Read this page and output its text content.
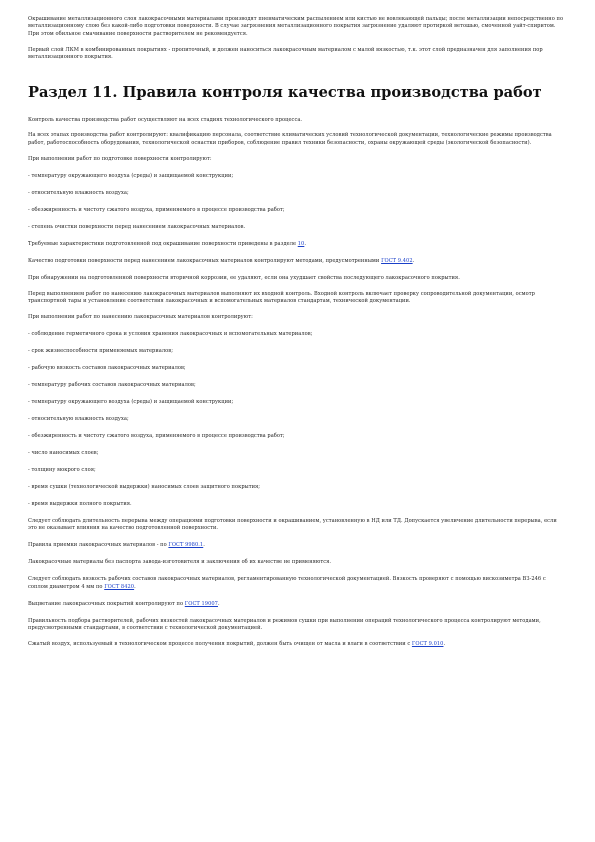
Окрашивание металлизационного слоя лакокрасочными материалами производят пневматическим распылением или кистью не вовлекающей пальцы; после металлизации непосредственно по металлизационному слою без какой-либо подготовки поверхности. В случае загрязнения металлизационного покрытия загрязнение удаляют протиркой ветошью, смоченной уайт-спиритом. При этом обильное смачивание поверхности растворителем не рекомендуется.

Первый слой ЛКМ в комбинированных покрытиях - пропиточный, и должен наноситься лакокрасочным материалом с малой вязкостью, т.к. этот слой предназначен для заполнения пор металлизационного покрытия.

Раздел 11. Правила контроля качества производства работ

Контроль качества производства работ осуществляют на всех стадиях технологического процесса.

На всех этапах производства работ контролируют: квалификацию персонала, соответствие климатических условий технологической документации, технологические режимы производства работ, работоспособность оборудования, технологической оснастки приборов, соблюдение правил техники безопасности, охраны окружающей среды (экологической безопасности).

При выполнении работ по подготовке поверхности контролируют:

- температуру окружающего воздуха (среды) и защищаемой конструкции;

- относительную влажность воздуха;

- обезжиренность и чистоту сжатого воздуха, применяемого в процессе производства работ;

- степень очистки поверхности перед нанесением лакокрасочных материалов.

Требуемые характеристики подготовленной под окрашивание поверхности приведены в разделе 10.

Качество подготовки поверхности перед нанесением лакокрасочных материалов контролируют методами, предусмотренными ГОСТ 9.402.

При обнаружении на подготовленной поверхности вторичной коррозии, ее удаляют, если она ухудшает свойства последующего лакокрасочного покрытия.

Перед выполнением работ по нанесению лакокрасочных материалов выполняют их входной контроль. Входной контроль включает проверку сопроводительной документации, осмотр транспортной тары и установление соответствия лакокрасочных и вспомогательных материалов стандартам, технической документации.

При выполнении работ по нанесению лакокрасочных материалов контролируют:

- соблюдение герметичного срока и условия хранения лакокрасочных и вспомогательных материалов;

- срок жизнеспособности применяемых материалов;

- рабочую вязкость составов лакокрасочных материалов;

- температуру рабочих составов лакокрасочных материалов;

- температуру окружающего воздуха (среды) и защищаемой конструкции;

- относительную влажность воздуха;

- обезжиренность и чистоту сжатого воздуха, применяемого в процессе производства работ;

- число наносимых слоев;

- толщину мокрого слоя;

- время сушки (технологической выдержки) наносимых слоев защитного покрытия;

- время выдержки полного покрытия.

Следует соблюдать длительность перерыва между операциями подготовки поверхности и окрашиванием, установленную в НД или ТД. Допускается увеличение длительности перерыва, если это не оказывает влияния на качество подготовленной поверхности.

Правила приемки лакокрасочных материалов - по ГОСТ 9980.1.

Лакокрасочные материалы без паспорта завода-изготовителя и заключения об их качестве не применяются.

Следует соблюдать вязкость рабочих составов лакокрасочных материалов, регламентированную технологической документацией. Вязкость проверяют с помощью вискозиметра ВЗ-246 с соплом диаметром 4 мм по ГОСТ 8420.

Выцветание лакокрасочных покрытий контролируют по ГОСТ 19007.

Правильность подбора растворителей, рабочих вязкостей лакокрасочных материалов и режимов сушки при выполнении операций технологического процесса контролируют методами, предусмотренными стандартами, в соответствии с технологической документацией.

Сжатый воздух, используемый в технологическом процессе получения покрытий, должен быть очищен от масла и влаги в соответствии с ГОСТ 9.010.
